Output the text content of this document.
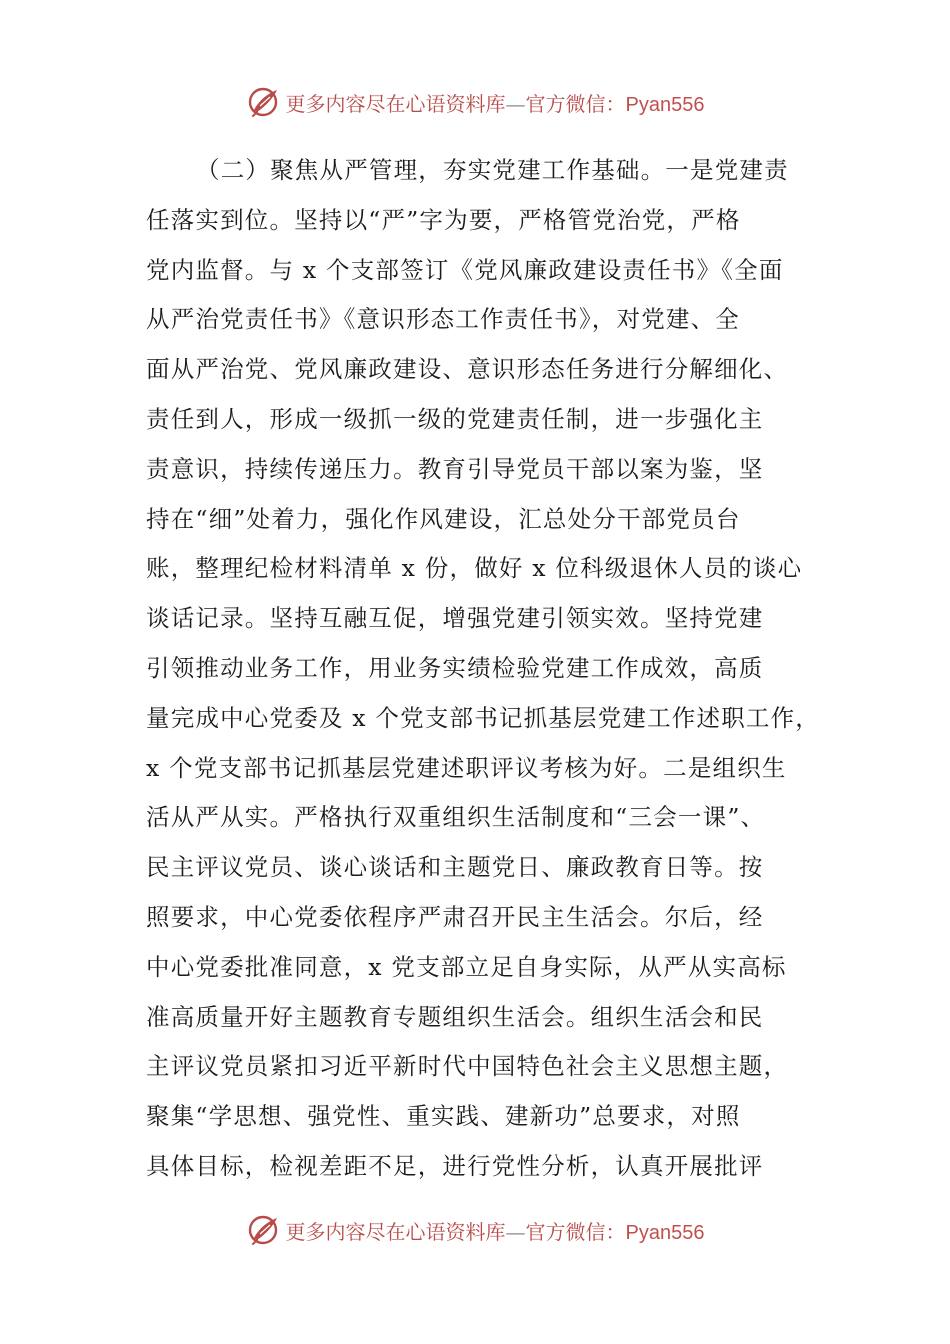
更多内容尽在心语资料库—官方微信：Pyan556
（二）聚焦从严管理，夯实党建工作基础。一是党建责
任落实到位。坚持以“严”字为要，严格管党治党，严格
党内监督。与 x 个支部签订《党风廉政建设责任书》《全面
从严治党责任书》《意识形态工作责任书》，对党建、全
面从严治党、党风廉政建设、意识形态任务进行分解细化、
责任到人，形成一级抓一级的党建责任制，进一步强化主
责意识，持续传递压力。教育引导党员干部以案为鉴，坚
持在“细”处着力，强化作风建设，汇总处分干部党员台
账，整理纪检材料清单 x 份，做好 x 位科级退休人员的谈心
谈话记录。坚持互融互促，增强党建引领实效。坚持党建
引领推动业务工作，用业务实绩检验党建工作成效，高质
量完成中心党委及 x 个党支部书记抓基层党建工作述职工作，
x 个党支部书记抓基层党建述职评议考核为好。二是组织生
活从严从实。严格执行双重组织生活制度和“三会一课”、
民主评议党员、谈心谈话和主题党日、廉政教育日等。按
照要求，中心党委依程序严肃召开民主生活会。尔后，经
中心党委批准同意，x 党支部立足自身实际，从严从实高标
准高质量开好主题教育专题组织生活会。组织生活会和民
主评议党员紧扣习近平新时代中国特色社会主义思想主题，
聚集“学思想、强党性、重实践、建新功”总要求，对照
具体目标，检视差距不足，进行党性分析，认真开展批评
更多内容尽在心语资料库—官方微信：Pyan556
